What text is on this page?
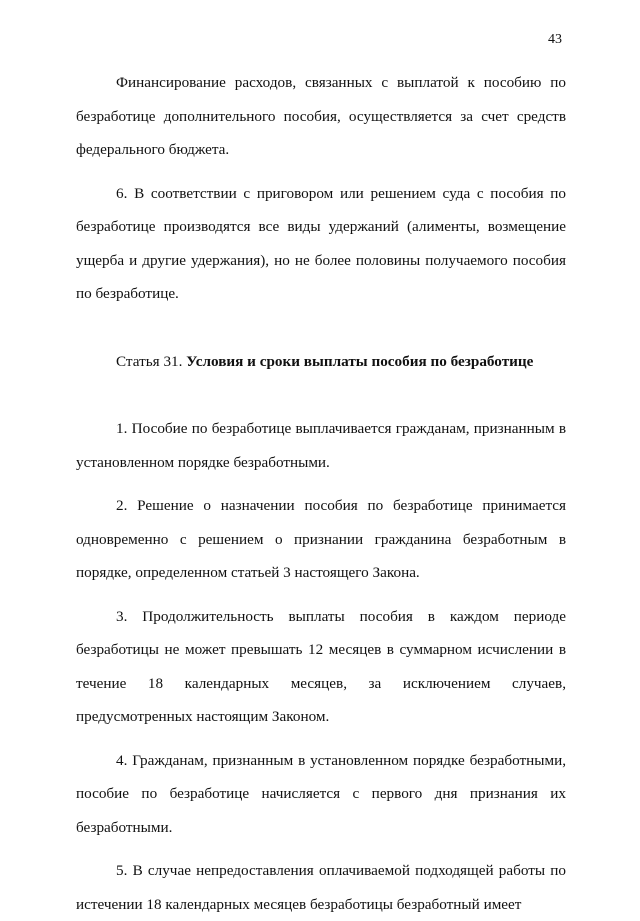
43

Финансирование расходов, связанных с выплатой к пособию по безработице дополнительного пособия, осуществляется за счет средств федерального бюджета.

6. В соответствии с приговором или решением суда с пособия по безработице производятся все виды удержаний (алименты, возмещение ущерба и другие удержания), но не более половины получаемого пособия по безработице.

Статья 31. Условия и сроки выплаты пособия по безработице

1. Пособие по безработице выплачивается гражданам, признанным в установленном порядке безработными.

2. Решение о назначении пособия по безработице принимается одновременно с решением о признании гражданина безработным в порядке, определенном статьей 3 настоящего Закона.

3. Продолжительность выплаты пособия в каждом периоде безработицы не может превышать 12 месяцев в суммарном исчислении в течение 18 календарных месяцев, за исключением случаев, предусмотренных настоящим Законом.

4. Гражданам, признанным в установленном порядке безработными, пособие по безработице начисляется с первого дня признания их безработными.

5. В случае непредоставления оплачиваемой подходящей работы по истечении 18 календарных месяцев безработицы безработный имеет
